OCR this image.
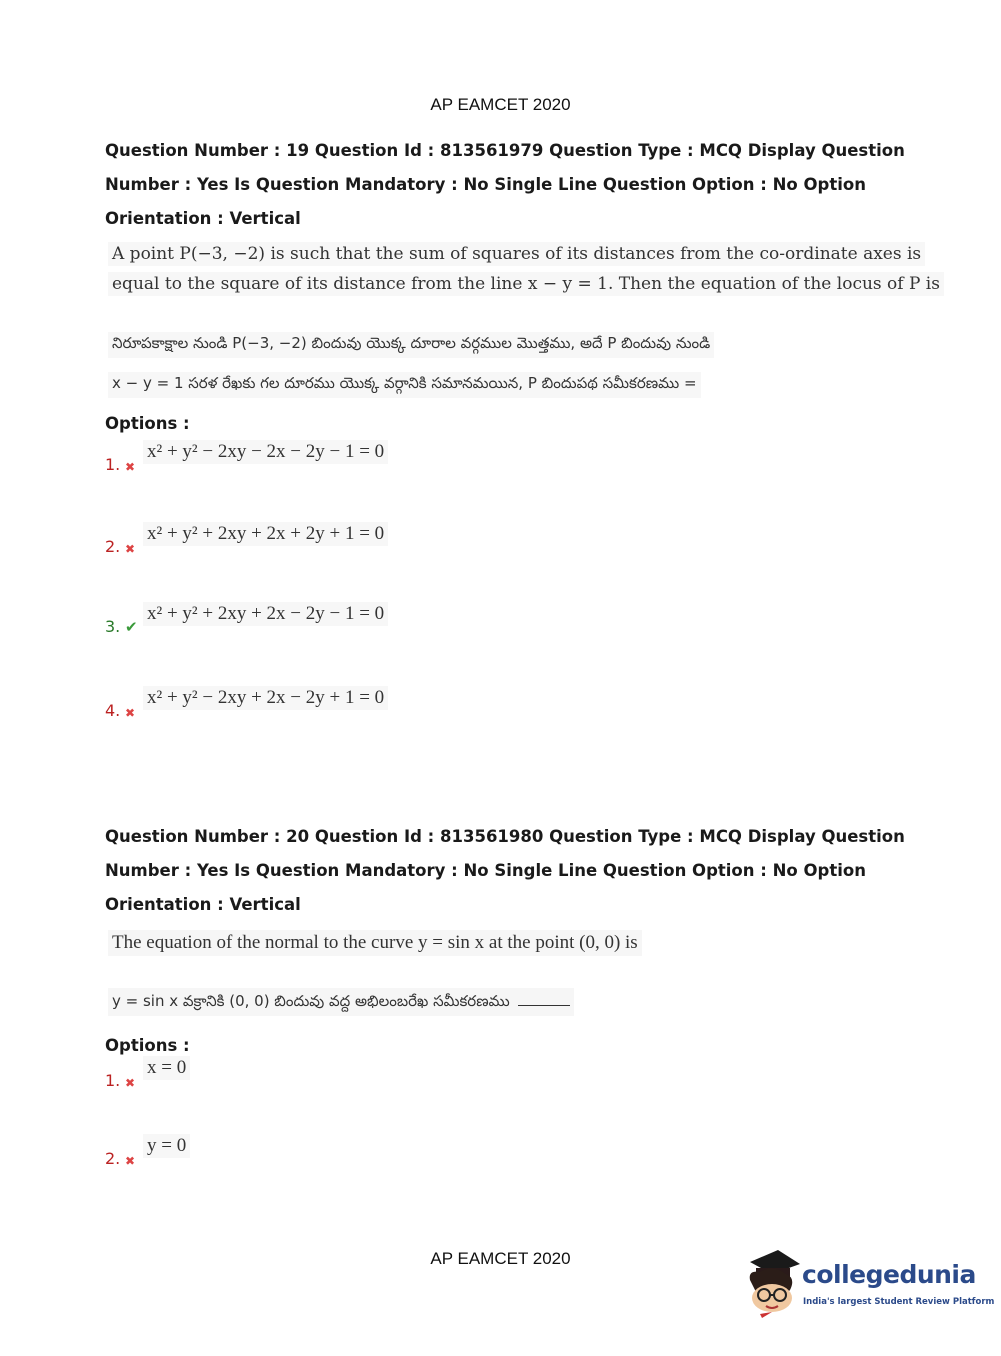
AP EAMCET 2020
Question Number : 19 Question Id : 813561979 Question Type : MCQ Display Question
Number : Yes Is Question Mandatory : No Single Line Question Option : No Option
Orientation : Vertical
A point P(−3, −2) is such that the sum of squares of its distances from the co-ordinate axes is
equal to the square of its distance from the line x − y = 1. Then the equation of the locus of P is
నిరూపకాక్షాల నుండి P(−3, −2) బిందువు యొక్క దూరాల వర్గముల మొత్తము, అదే P బిందువు నుండి
x − y = 1 సరళ రేఖకు గల దూరము యొక్క వర్గానికి సమానమయిన, P బిందుపథ సమీకరణము =
Options :
1. ✖
x² + y² − 2xy − 2x − 2y − 1 = 0
2. ✖
x² + y² + 2xy + 2x + 2y + 1 = 0
3. ✔
x² + y² + 2xy + 2x − 2y − 1 = 0
4. ✖
x² + y² − 2xy + 2x − 2y + 1 = 0
Question Number : 20 Question Id : 813561980 Question Type : MCQ Display Question
Number : Yes Is Question Mandatory : No Single Line Question Option : No Option
Orientation : Vertical
The equation of the normal to the curve y = sin x at the point (0, 0) is
y = sin x వక్రానికి (0, 0) బిందువు వద్ద అభిలంబరేఖ సమీకరణము
Options :
1. ✖
x = 0
2. ✖
y = 0
AP EAMCET 2020
collegedunia
India's largest Student Review Platform
